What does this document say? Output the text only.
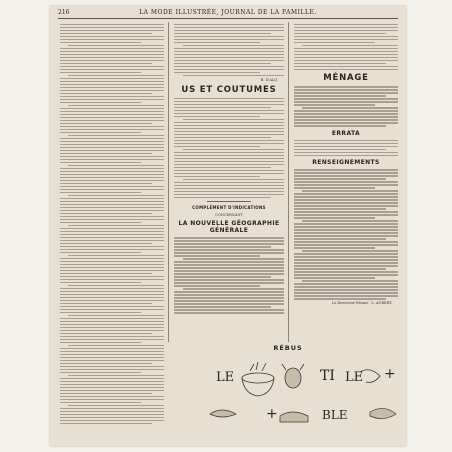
216	LA MODE ILLUSTRÉE, JOURNAL DE LA FAMILLE.
B. D'ALQ.
US ET COUTUMES
COMPLÉMENT D'INDICATIONS
CONCERNANT
LA NOUVELLE GÉOGRAPHIE GÉNÉRALE
MÉNAGE
ERRATA
RENSEIGNEMENTS
Le Directeur-Gérant : L. AUBERT.
RÉBUS
LE	TI LE +
+	BLE
